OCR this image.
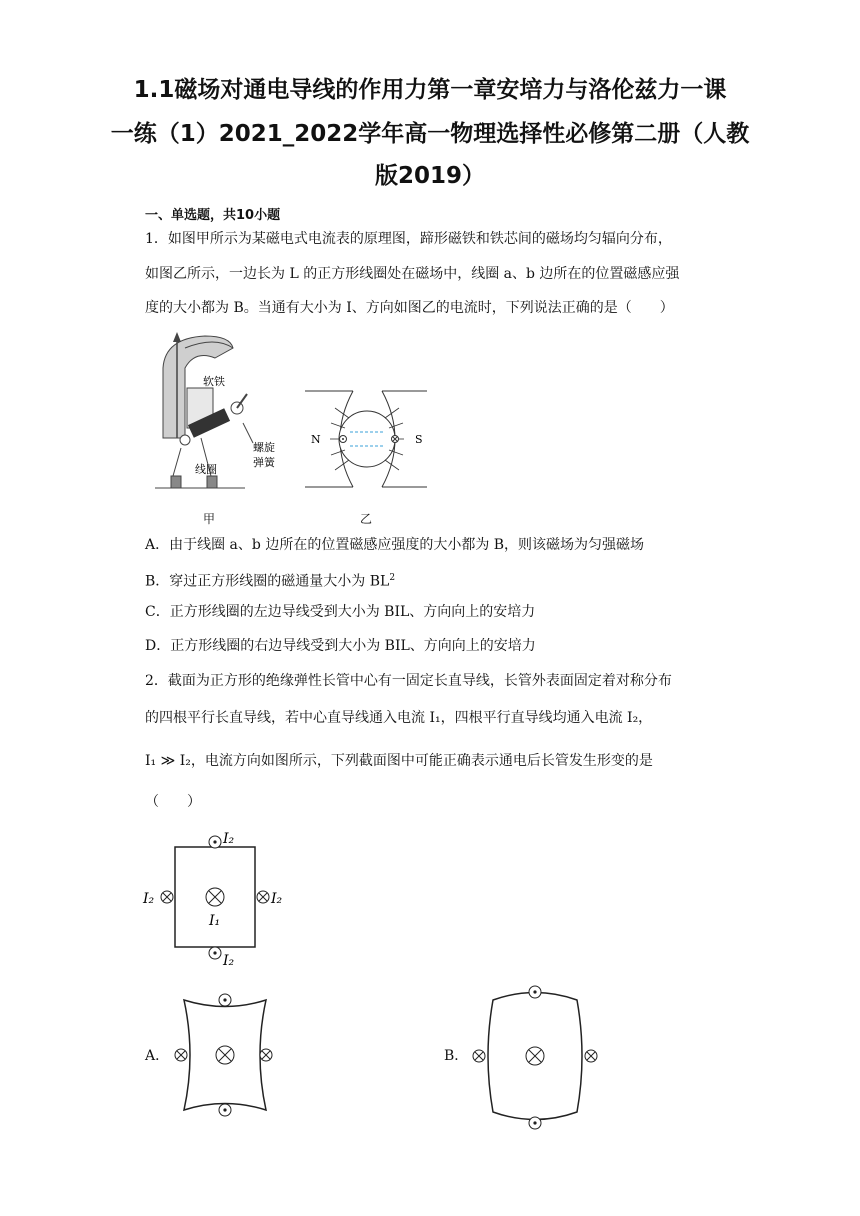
1.1磁场对通电导线的作用力第一章安培力与洛伦兹力一课
一练（1）2021_2022学年高一物理选择性必修第二册（人教
版2019）
一、单选题，共10小题
1．如图甲所示为某磁电式电流表的原理图，蹄形磁铁和铁芯间的磁场均匀辐向分布，
如图乙所示，一边长为 L 的正方形线圈处在磁场中，线圈 a、b 边所在的位置磁感应强
度的大小都为 B。当通有大小为 I、方向如图乙的电流时，下列说法正确的是（　　）
软铁
螺旋
弹簧
线圈
甲
N	S
乙
A．由于线圈 a、b 边所在的位置磁感应强度的大小都为 B，则该磁场为匀强磁场
B．穿过正方形线圈的磁通量大小为 $BL^2$
C．正方形线圈的左边导线受到大小为 BIL、方向向上的安培力
D．正方形线圈的右边导线受到大小为 BIL、方向向上的安培力
2．截面为正方形的绝缘弹性长管中心有一固定长直导线，长管外表面固定着对称分布
的四根平行长直导线，若中心直导线通入电流 I₁，四根平行直导线均通入电流 I₂，
I₁ ≫ I₂，电流方向如图所示，下列截面图中可能正确表示通电后长管发生形变的是
（　　）
I₂
I₂	I₂
I₁
I₂
A．	B．
